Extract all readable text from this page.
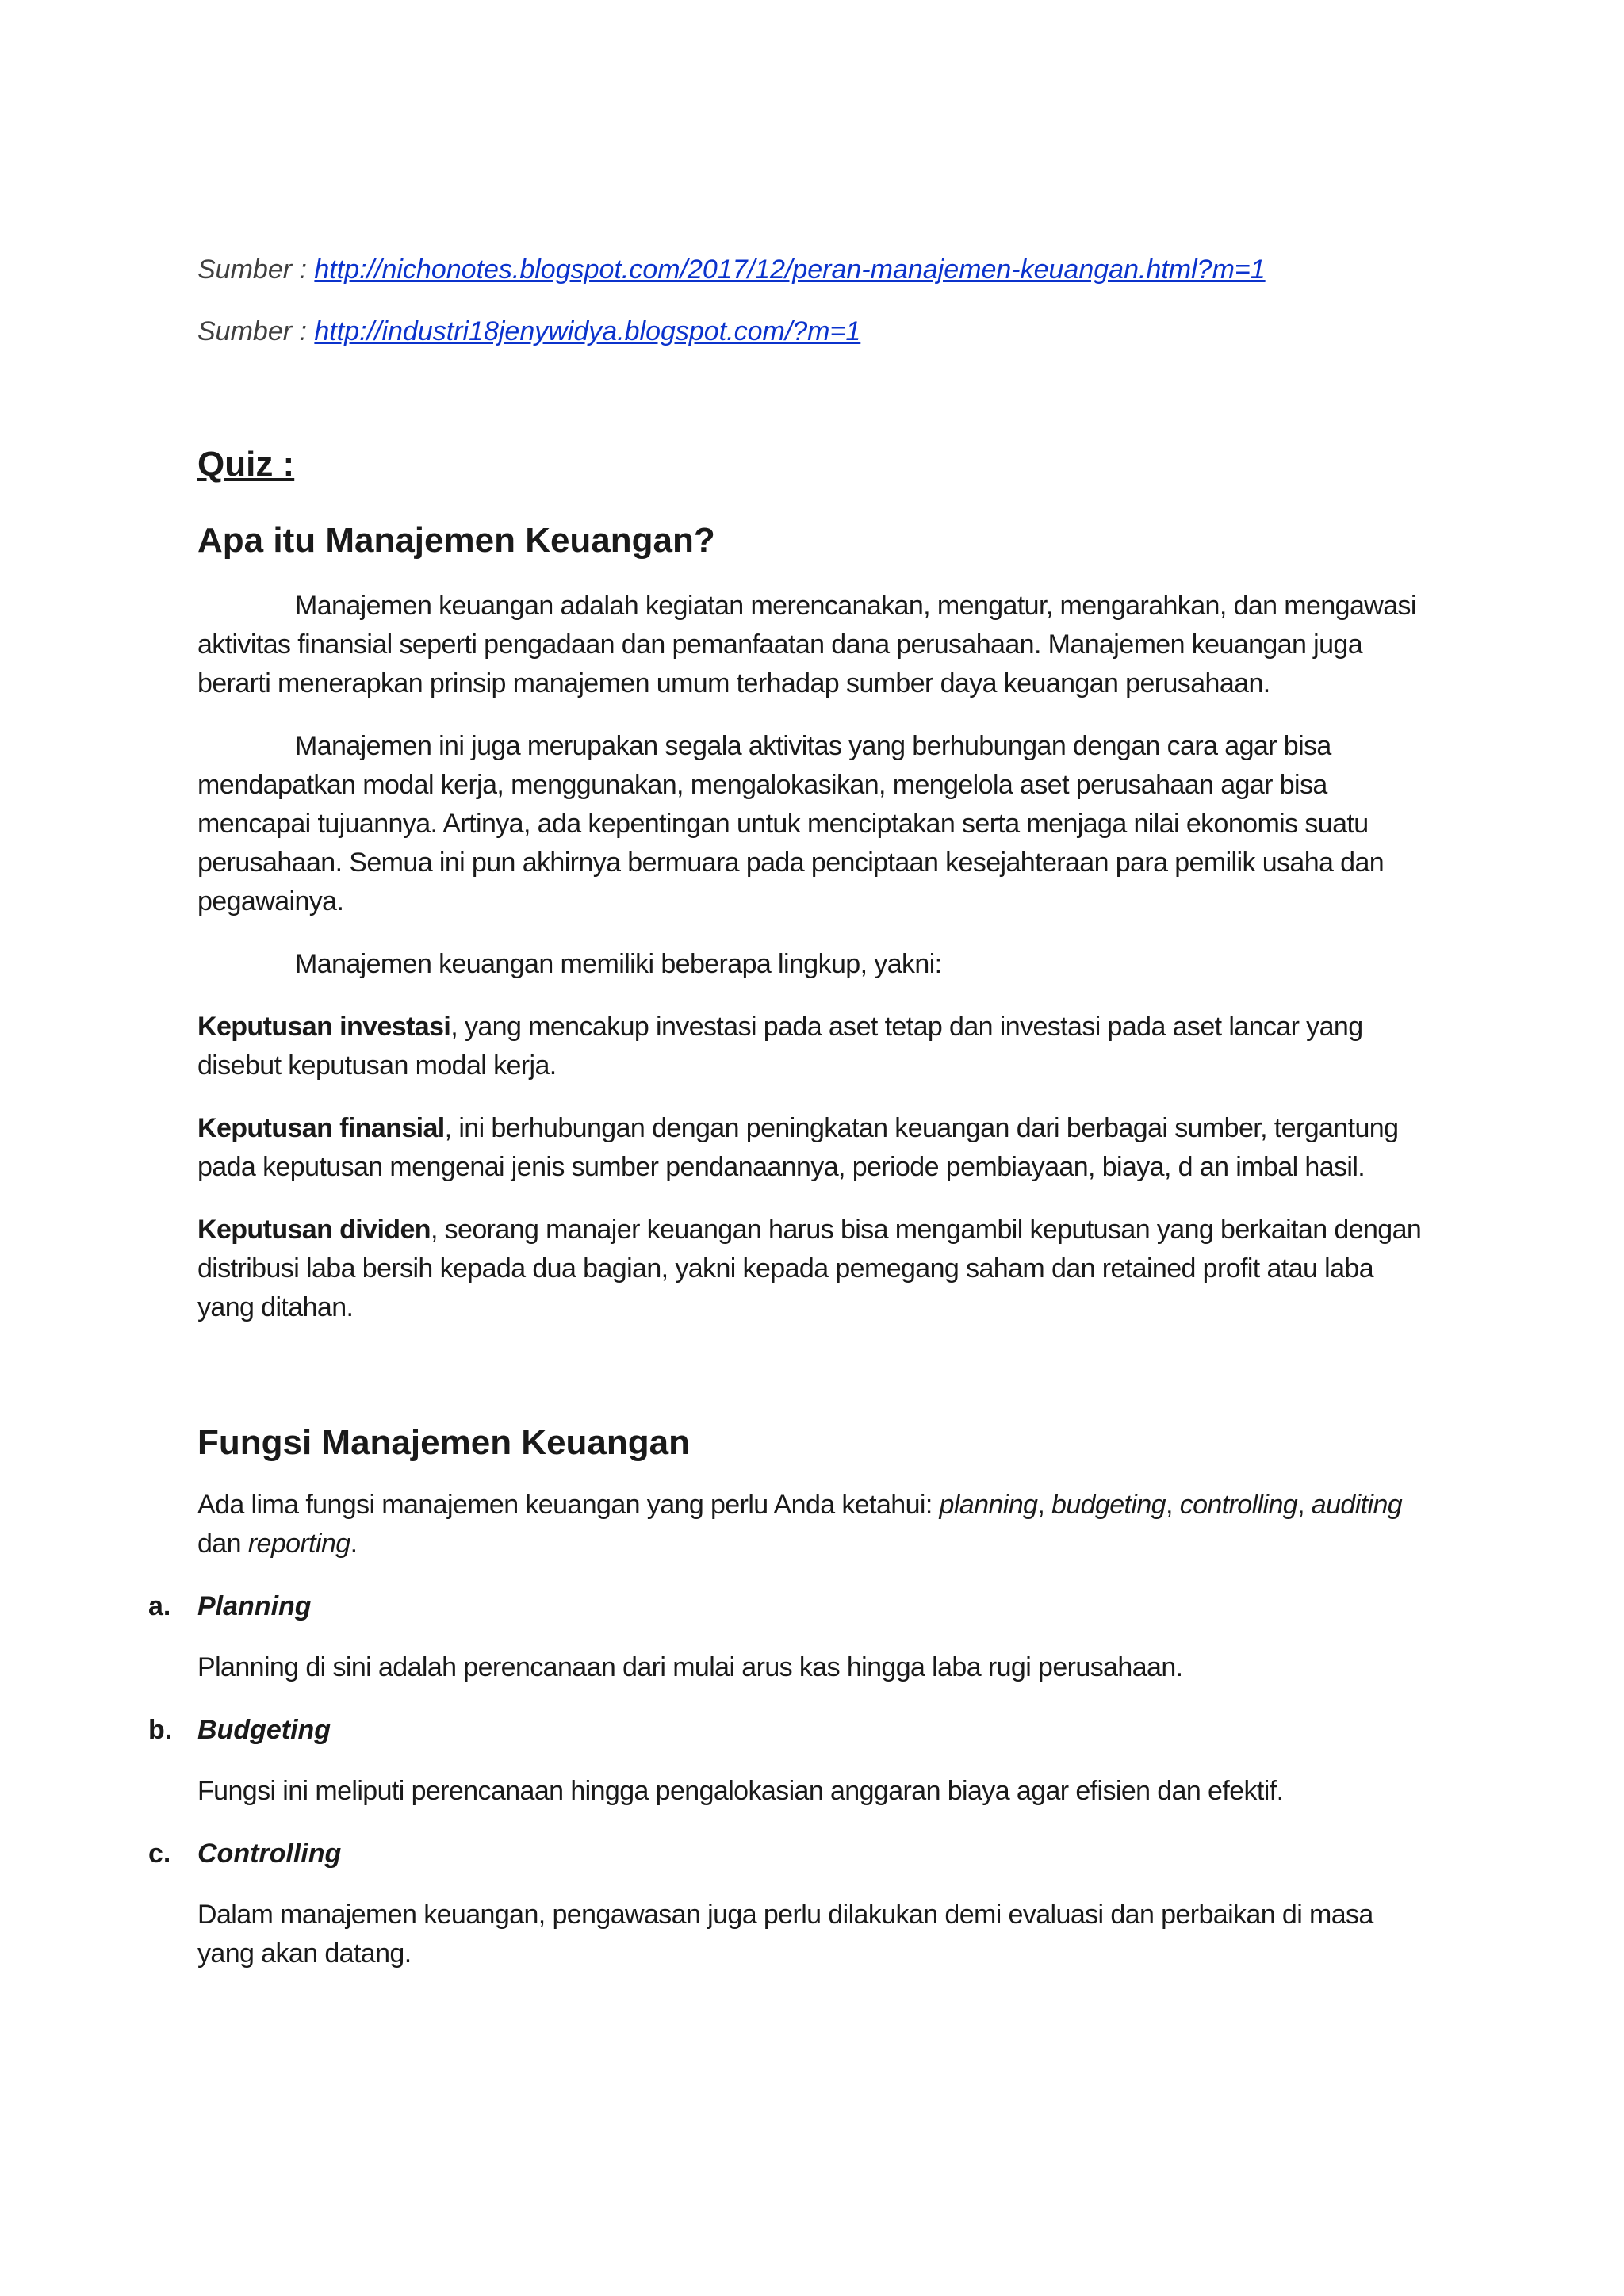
Sumber : http://nichonotes.blogspot.com/2017/12/peran-manajemen-keuangan.html?m=1

Sumber : http://industri18jenywidya.blogspot.com/?m=1

Quiz :
Apa itu Manajemen Keuangan?

Manajemen keuangan adalah kegiatan merencanakan, mengatur, mengarahkan, dan mengawasi aktivitas finansial seperti pengadaan dan pemanfaatan dana perusahaan. Manajemen keuangan juga berarti menerapkan prinsip manajemen umum terhadap sumber daya keuangan perusahaan.

Manajemen ini juga merupakan segala aktivitas yang berhubungan dengan cara agar bisa mendapatkan modal kerja, menggunakan, mengalokasikan, mengelola aset perusahaan agar bisa mencapai tujuannya. Artinya, ada kepentingan untuk menciptakan serta menjaga nilai ekonomis suatu perusahaan. Semua ini pun akhirnya bermuara pada penciptaan kesejahteraan para pemilik usaha dan pegawainya.

Manajemen keuangan memiliki beberapa lingkup, yakni:

Keputusan investasi, yang mencakup investasi pada aset tetap dan investasi pada aset lancar yang disebut keputusan modal kerja.

Keputusan finansial, ini berhubungan dengan peningkatan keuangan dari berbagai sumber, tergantung pada keputusan mengenai jenis sumber pendanaannya, periode pembiayaan, biaya, d an imbal hasil.

Keputusan dividen, seorang manajer keuangan harus bisa mengambil keputusan yang berkaitan dengan distribusi laba bersih kepada dua bagian, yakni kepada pemegang saham dan retained profit atau laba yang ditahan.

Fungsi Manajemen Keuangan

Ada lima fungsi manajemen keuangan yang perlu Anda ketahui: planning, budgeting, controlling, auditing dan reporting.

a. Planning

Planning di sini adalah perencanaan dari mulai arus kas hingga laba rugi perusahaan.

b. Budgeting

Fungsi ini meliputi perencanaan hingga pengalokasian anggaran biaya agar efisien dan efektif.

c. Controlling

Dalam manajemen keuangan, pengawasan juga perlu dilakukan demi evaluasi dan perbaikan di masa yang akan datang.
